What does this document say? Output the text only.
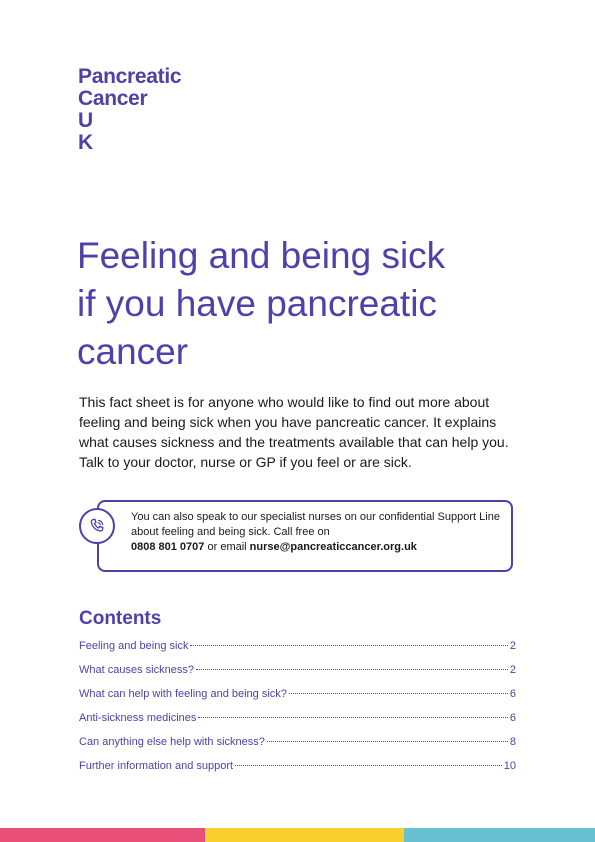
Pancreatic
Cancer
U
K
Feeling and being sick
if you have pancreatic
cancer

This fact sheet is for anyone who would like to find out more about feeling and being sick when you have pancreatic cancer. It explains what causes sickness and the treatments available that can help you. Talk to your doctor, nurse or GP if you feel or are sick.

You can also speak to our specialist nurses on our confidential Support Line about feeling and being sick. Call free on
0808 801 0707 or email nurse@pancreaticcancer.org.uk
Contents
Feeling and being sick	2
What causes sickness?	2
What can help with feeling and being sick?	6
Anti-sickness medicines	6
Can anything else help with sickness?	8
Further information and support	10
